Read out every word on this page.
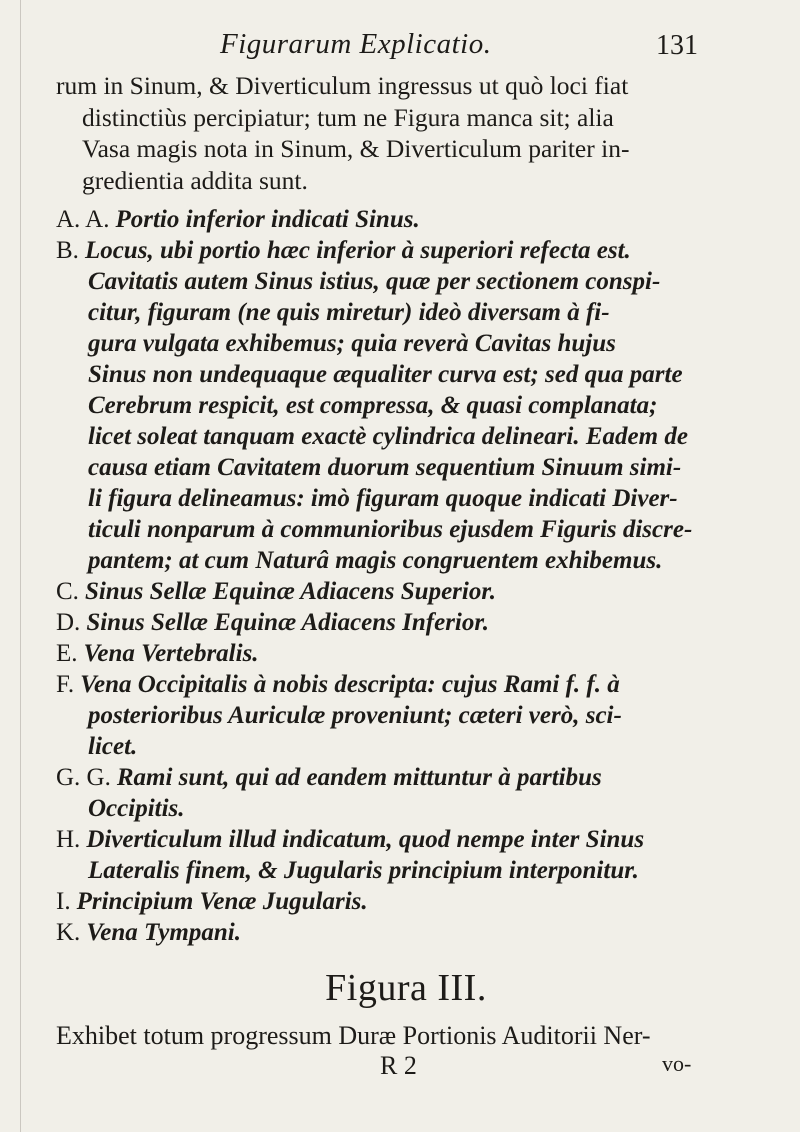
Figurarum Explicatio.	131

rum in Sinum, & Diverticulum ingressus ut quò loci fiat
distinctiùs percipiatur; tum ne Figura manca sit; alia
Vasa magis nota in Sinum, & Diverticulum pariter in-
gredientia addita sunt.

A. A. Portio inferior indicati Sinus.
B. Locus, ubi portio hæc inferior à superiori refecta est.
Cavitatis autem Sinus istius, quæ per sectionem conspi-
citur, figuram (ne quis miretur) ideò diversam à fi-
gura vulgata exhibemus; quia reverà Cavitas hujus
Sinus non undequaque æqualiter curva est; sed qua parte
Cerebrum respicit, est compressa, & quasi complanata;
licet soleat tanquam exactè cylindrica delineari. Eadem de
causa etiam Cavitatem duorum sequentium Sinuum simi-
li figura delineamus: imò figuram quoque indicati Diver-
ticuli nonparum à communioribus ejusdem Figuris discre-
pantem; at cum Naturâ magis congruentem exhibemus.
C. Sinus Sellæ Equinæ Adiacens Superior.
D. Sinus Sellæ Equinæ Adiacens Inferior.
E. Vena Vertebralis.
F. Vena Occipitalis à nobis descripta: cujus Rami f. f. à
posterioribus Auriculæ proveniunt; cæteri verò, sci-
licet.
G. G. Rami sunt, qui ad eandem mittuntur à partibus
Occipitis.
H. Diverticulum illud indicatum, quod nempe inter Sinus
Lateralis finem, & Jugularis principium interponitur.
I. Principium Venæ Jugularis.
K. Vena Tympani.
Figura III.
Exhibet totum progressum Duræ Portionis Auditorii Ner-
R 2	vo-
